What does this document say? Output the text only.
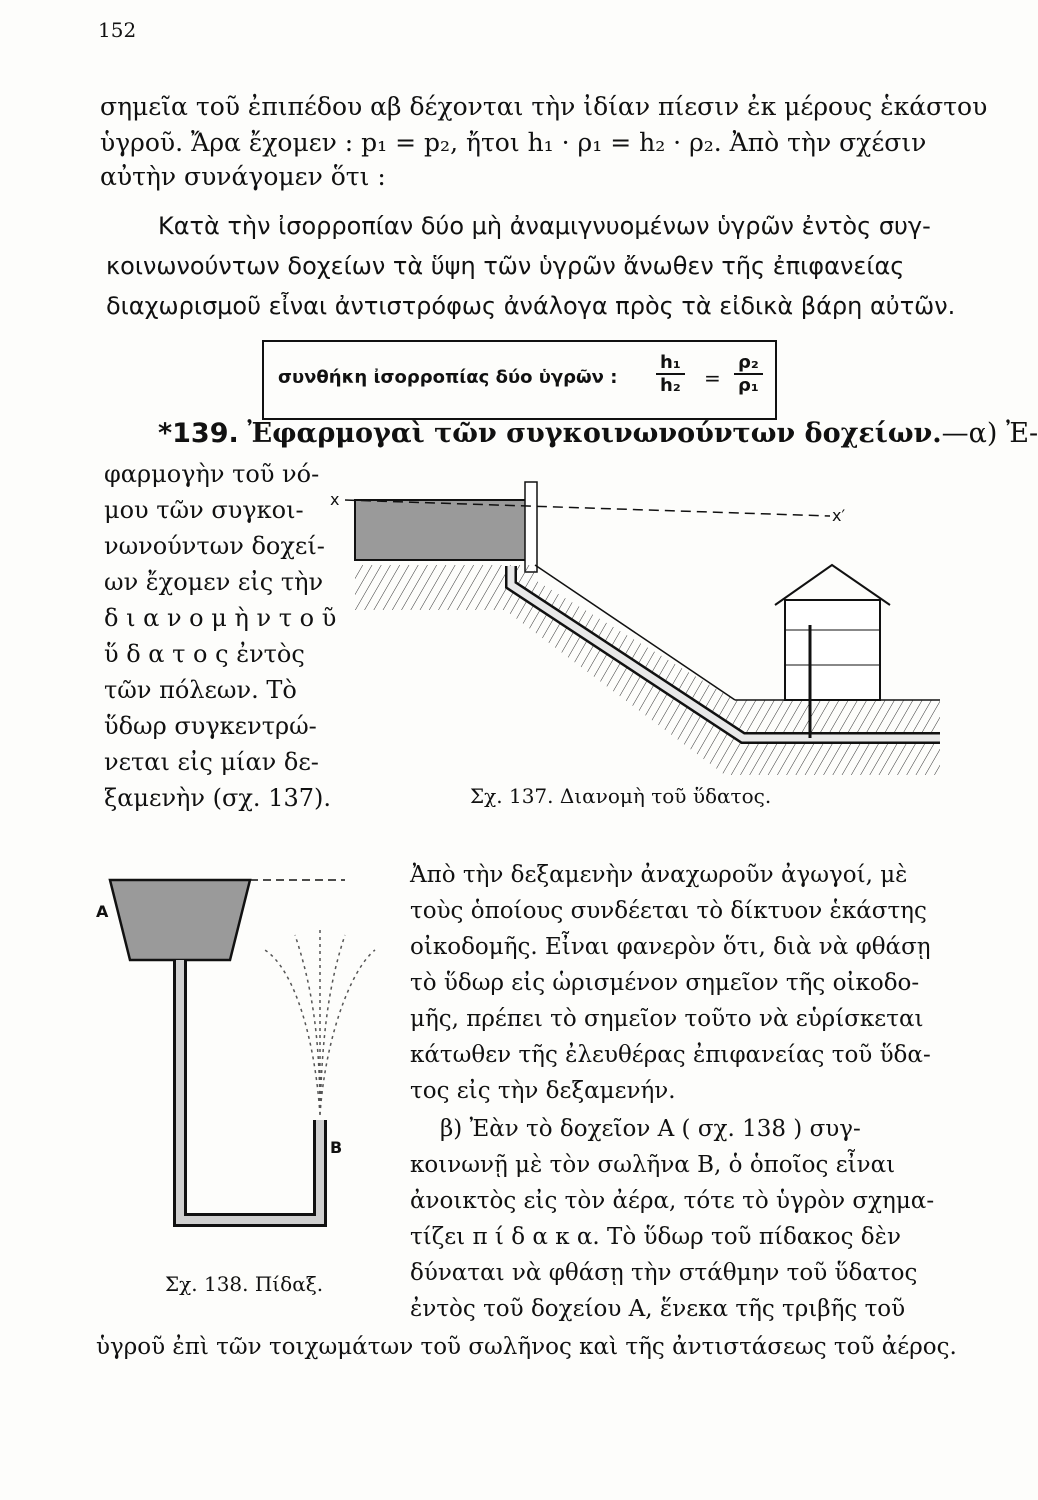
152
σημεῖα τοῦ ἐπιπέδου αβ δέχονται τὴν ἰδίαν πίεσιν ἐκ μέρους ἑκάστου
ὑγροῦ. Ἄρα ἔχομεν : p₁ = p₂, ἤτοι h₁ · ρ₁ = h₂ · ρ₂. Ἀπὸ τὴν σχέσιν
αὐτὴν συνάγομεν ὅτι :
Κατὰ τὴν ἰσορροπίαν δύο μὴ ἀναμιγνυομένων ὑγρῶν ἐντὸς συγ-
κοινωνούντων δοχείων τὰ ὕψη τῶν ὑγρῶν ἄνωθεν τῆς ἐπιφανείας
διαχωρισμοῦ εἶναι ἀντιστρόφως ἀνάλογα πρὸς τὰ εἰδικὰ βάρη αὐτῶν.
συνθήκη ἰσορροπίας δύο ὑγρῶν : $\frac{\text{h₁}}{\text{h₂}} = \frac{\text{ρ₂}}{\text{ρ₁}}$
*139. Ἐφαρμογαὶ τῶν συγκοινωνούντων δοχείων.—α) Ἐ-
φαρμογὴν τοῦ νό-
μου τῶν συγκοι-
νωνούντων δοχεί-
ων ἔχομεν εἰς τὴν
δ ι α ν ο μ ὴ ν τ ο ῦ
ὕ δ α τ ο ς ἐντὸς
τῶν πόλεων. Τὸ
ὕδωρ συγκεντρώ-
νεται εἰς μίαν δε-
ξαμενὴν (σχ. 137).
x
x′
Σχ. 137. Διανομὴ τοῦ ὕδατος.
A
B
Σχ. 138. Πίδαξ.
Ἀπὸ τὴν δεξαμενὴν ἀναχωροῦν ἀγωγοί, μὲ
τοὺς ὁποίους συνδέεται τὸ δίκτυον ἑκάστης
οἰκοδομῆς. Εἶναι φανερὸν ὅτι, διὰ νὰ φθάσῃ
τὸ ὕδωρ εἰς ὡρισμένον σημεῖον τῆς οἰκοδο-
μῆς, πρέπει τὸ σημεῖον τοῦτο νὰ εὑρίσκεται
κάτωθεν τῆς ἐλευθέρας ἐπιφανείας τοῦ ὕδα-
τος εἰς τὴν δεξαμενήν.
β) Ἐὰν τὸ δοχεῖον Α ( σχ. 138 ) συγ-
κοινωνῇ μὲ τὸν σωλῆνα Β, ὁ ὁποῖος εἶναι
ἀνοικτὸς εἰς τὸν ἀέρα, τότε τὸ ὑγρὸν σχημα-
τίζει π ί δ α κ α. Τὸ ὕδωρ τοῦ πίδακος δὲν
δύναται νὰ φθάσῃ τὴν στάθμην τοῦ ὕδατος
ἐντὸς τοῦ δοχείου Α, ἕνεκα τῆς τριβῆς τοῦ
ὑγροῦ ἐπὶ τῶν τοιχωμάτων τοῦ σωλῆνος καὶ τῆς ἀντιστάσεως τοῦ ἀέρος.
